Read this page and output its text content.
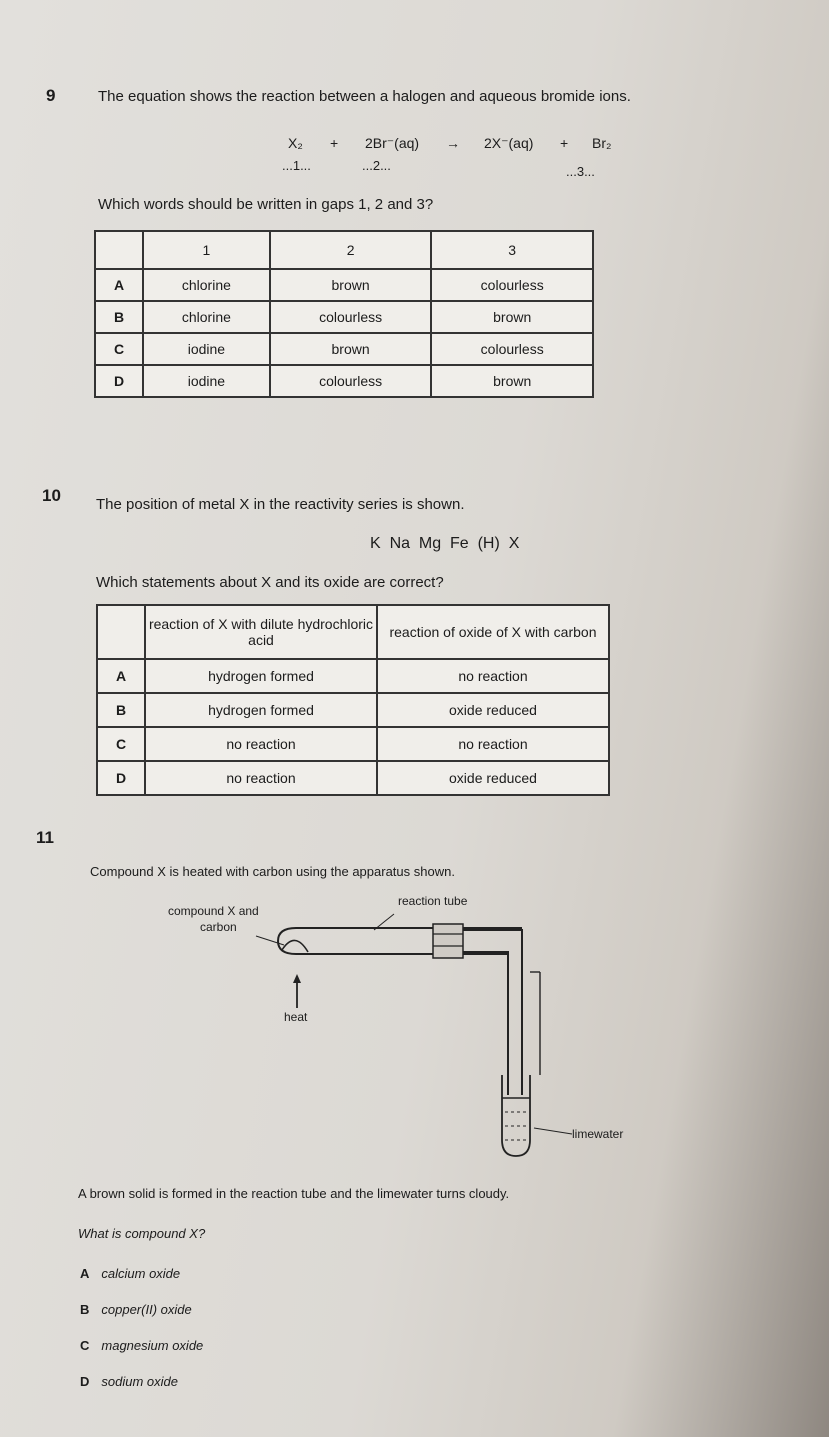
9	The equation shows the reaction between a halogen and aqueous bromide ions.
X₂ + 2Br⁻(aq) → 2X⁻(aq) + Br₂
...1...	...2...	...3...
Which words should be written in gaps 1, 2 and 3?
	1	2	3
A	chlorine	brown	colourless
B	chlorine	colourless	brown
C	iodine	brown	colourless
D	iodine	colourless	brown
10 The position of metal X in the reactivity series is shown.
K  Na  Mg  Fe  (H)  X
Which statements about X and its oxide are correct?
	reaction of X with dilute hydrochloric acid	reaction of oxide of X with carbon
A	hydrogen formed	no reaction
B	hydrogen formed	oxide reduced
C	no reaction	no reaction
D	no reaction	oxide reduced
11
Compound X is heated with carbon using the apparatus shown.
compound X and
carbon
reaction tube
heat
limewater
A brown solid is formed in the reaction tube and the limewater turns cloudy.
What is compound X?
A calcium oxide
B copper(II) oxide
C magnesium oxide
D sodium oxide
